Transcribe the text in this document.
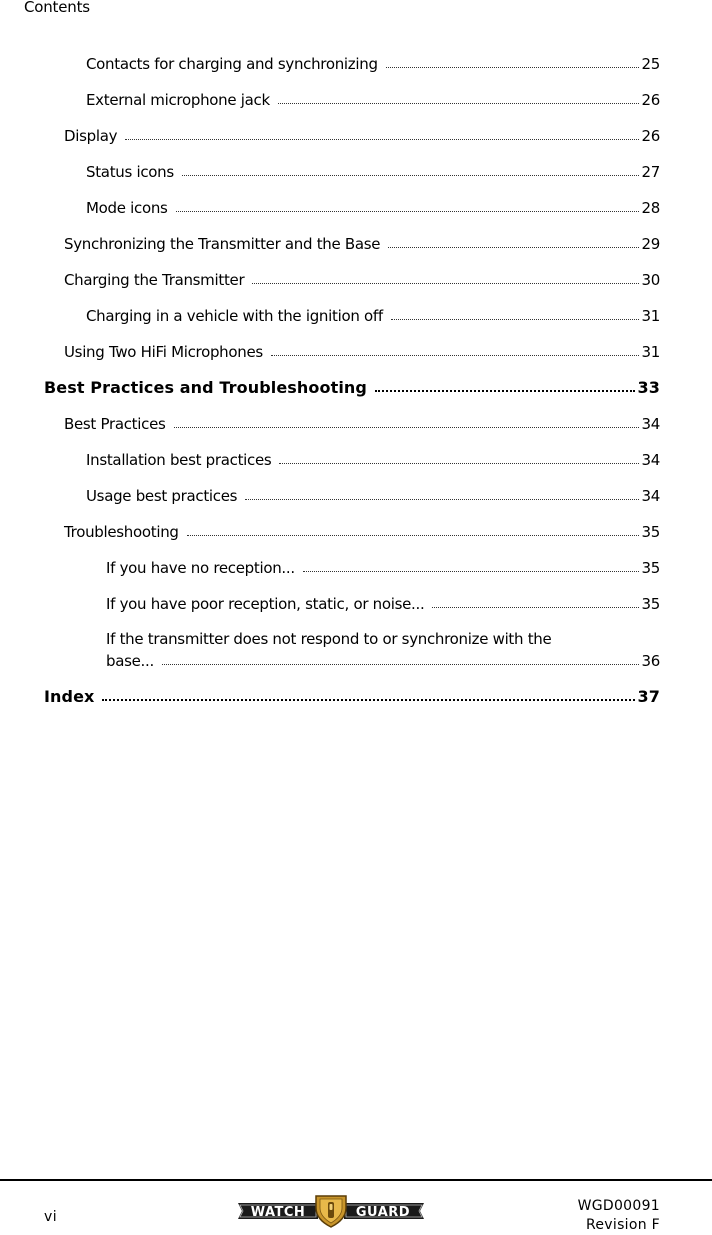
Contents
Contacts for charging and synchronizing	25
External microphone jack	26
Display	26
Status icons	27
Mode icons	28
Synchronizing the Transmitter and the Base	29
Charging the Transmitter	30
Charging in a vehicle with the ignition off	31
Using Two HiFi Microphones	31
Best Practices and Troubleshooting	33
Best Practices	34
Installation best practices	34
Usage best practices	34
Troubleshooting	35
If you have no reception...	35
If you have poor reception, static, or noise...	35
If the transmitter does not respond to or synchronize with the
base...	36
Index	37
vi	WATCH	GUARD	WGD00091
Revision F
